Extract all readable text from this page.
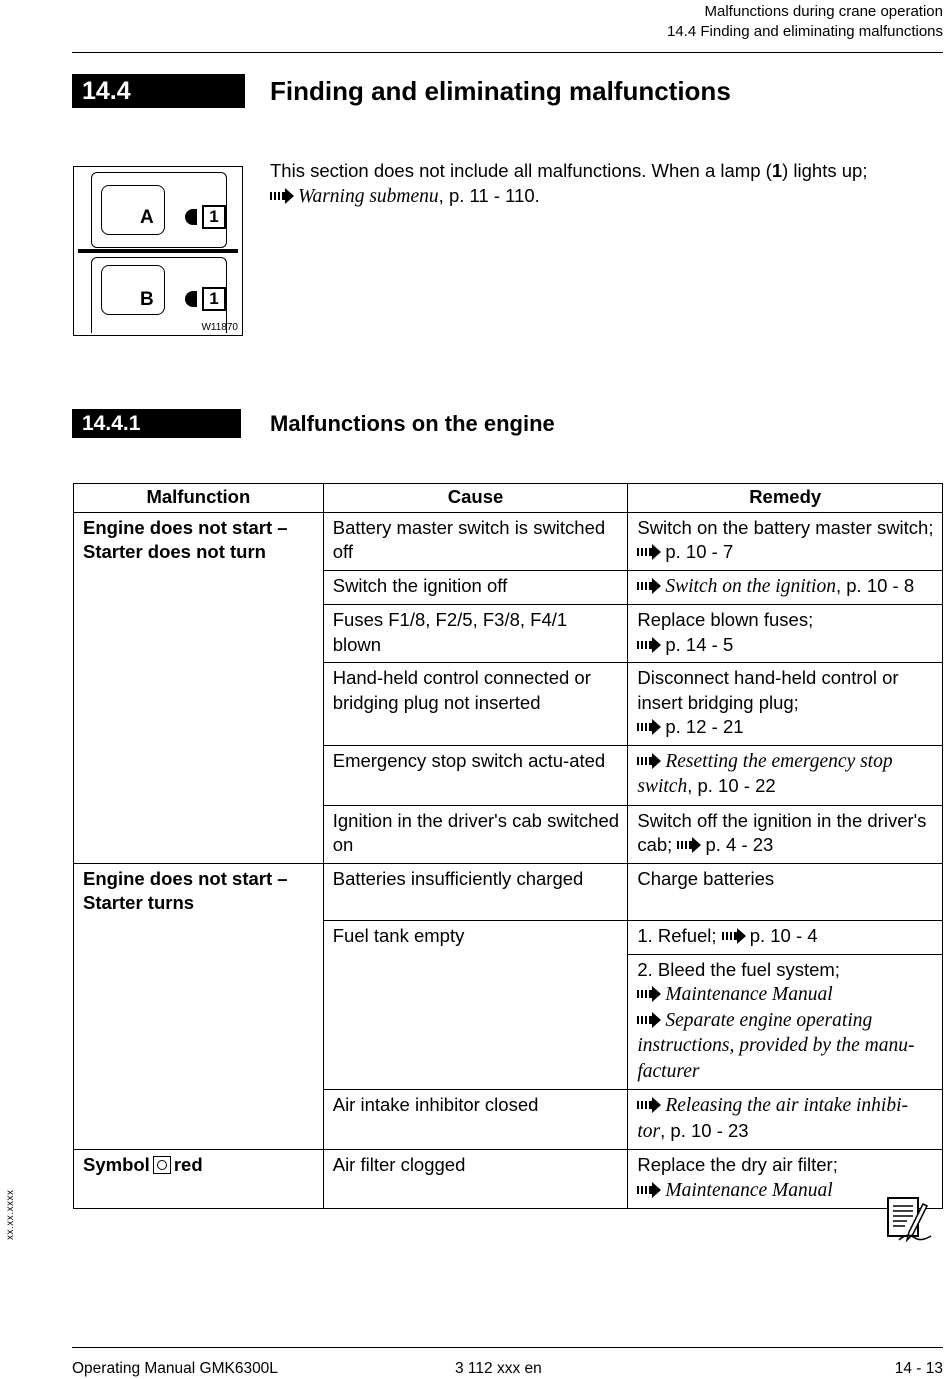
Malfunctions during crane operation
14.4 Finding and eliminating malfunctions
14.4	Finding and eliminating malfunctions
A	1
B	1
W11870
This section does not include all malfunctions. When a lamp (1) lights up;
Warning submenu, p. 11 - 110.
14.4.1	Malfunctions on the engine
Malfunction	Cause	Remedy
Engine does not start – Starter does not turn	Battery master switch is switched off	Switch on the battery master switch; p. 10 - 7
	Switch the ignition off	Switch on the ignition, p. 10 - 8
	Fuses F1/8, F2/5, F3/8, F4/1 blown	Replace blown fuses;
p. 14 - 5
	Hand-held control connected or bridging plug not inserted	Disconnect hand-held control or insert bridging plug;
p. 12 - 21
	Emergency stop switch actu-ated	Resetting the emergency stop switch, p. 10 - 22
	Ignition in the driver's cab switched on	Switch off the ignition in the driver's cab; p. 4 - 23
Engine does not start – Starter turns	Batteries insufficiently charged	Charge batteries
	Fuel tank empty	1. Refuel; p. 10 - 4
		2. Bleed the fuel system;
Maintenance Manual
Separate engine operating instructions, provided by the manu-facturer
	Air intake inhibitor closed	Releasing the air intake inhibi-tor, p. 10 - 23
Symbol red	Air filter clogged	Replace the dry air filter;
Maintenance Manual
xx.xx.xxxx
Operating Manual GMK6300L	3 112 xxx en	14 - 13
